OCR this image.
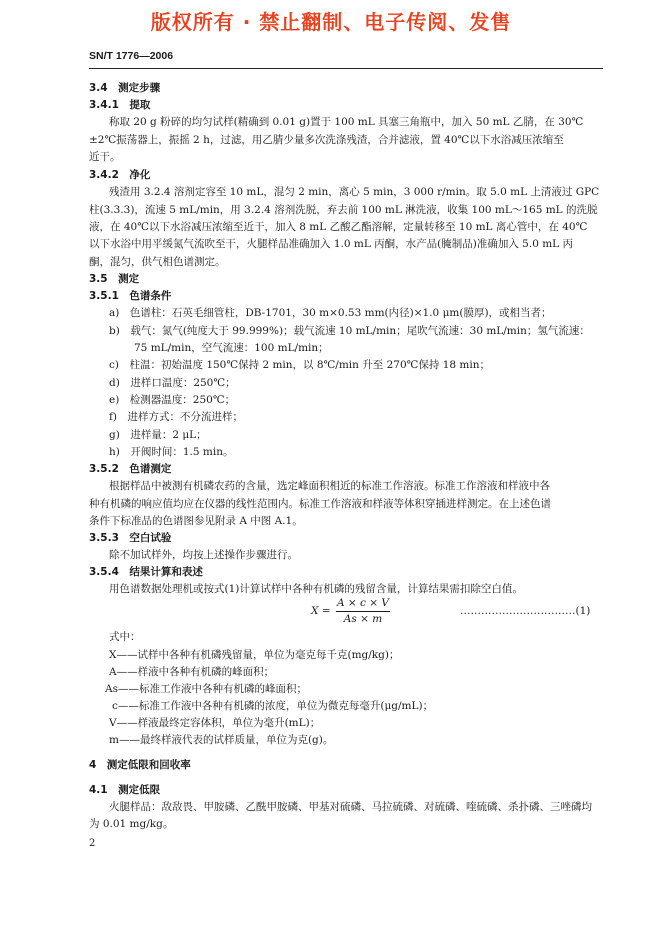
版权所有 · 禁止翻制、电子传阅、发售
SN/T 1776—2006
3.4　测定步骤
3.4.1　提取
称取 20 g 粉碎的均匀试样(精确到 0.01 g)置于 100 mL 具塞三角瓶中，加入 50 mL 乙腈，在 30℃
±2℃振荡器上，振摇 2 h，过滤，用乙腈少量多次洗涤残渣，合并滤液，置 40℃以下水浴减压浓缩至
近干。
3.4.2　净化
残渣用 3.2.4 溶剂定容至 10 mL，混匀 2 min，离心 5 min，3 000 r/min。取 5.0 mL 上清液过 GPC
柱(3.3.3)，流速 5 mL/min，用 3.2.4 溶剂洗脱，弃去前 100 mL 淋洗液，收集 100 mL～165 mL 的洗脱
液，在 40℃以下水浴减压浓缩至近干，加入 8 mL 乙酸乙酯溶解，定量转移至 10 mL 离心管中，在 40℃
以下水浴中用平缓氮气流吹至干，火腿样品准确加入 1.0 mL 丙酮，水产品(腌制品)准确加入 5.0 mL 丙
酮，混匀，供气相色谱测定。
3.5　测定
3.5.1　色谱条件
a)　色谱柱：石英毛细管柱，DB-1701，30 m×0.53 mm(内径)×1.0 μm(膜厚)，或相当者；
b)　载气：氮气(纯度大于 99.999%)；载气流速 10 mL/min；尾吹气流速：30 mL/min；氢气流速：
75 mL/min，空气流速：100 mL/min；
c)　柱温：初始温度 150℃保持 2 min，以 8℃/min 升至 270℃保持 18 min；
d)　进样口温度：250℃；
e)　检测器温度：250℃；
f)　进样方式：不分流进样；
g)　进样量：2 μL；
h)　开阀时间：1.5 min。
3.5.2　色谱测定
根据样品中被测有机磷农药的含量，选定峰面积相近的标准工作溶液。标准工作溶液和样液中各
种有机磷的响应值均应在仪器的线性范围内。标准工作溶液和样液等体积穿插进样测定。在上述色谱
条件下标准品的色谱图参见附录 A 中图 A.1。
3.5.3　空白试验
除不加试样外，均按上述操作步骤进行。
3.5.4　结果计算和表述
用色谱数据处理机或按式(1)计算试样中各种有机磷的残留含量，计算结果需扣除空白值。
X =
A × c × V
As × m
……………………………(1)
式中：
X——试样中各种有机磷残留量，单位为毫克每千克(mg/kg)；
A——样液中各种有机磷的峰面积；
As——标准工作液中各种有机磷的峰面积；
c——标准工作液中各种有机磷的浓度，单位为微克每毫升(μg/mL)；
V——样液最终定容体积，单位为毫升(mL)；
m——最终样液代表的试样质量，单位为克(g)。
4　测定低限和回收率
4.1　测定低限
火腿样品：敌敌畏、甲胺磷、乙酰甲胺磷、甲基对硫磷、马拉硫磷、对硫磷、喹硫磷、杀扑磷、三唑磷均
为 0.01 mg/kg。
2
